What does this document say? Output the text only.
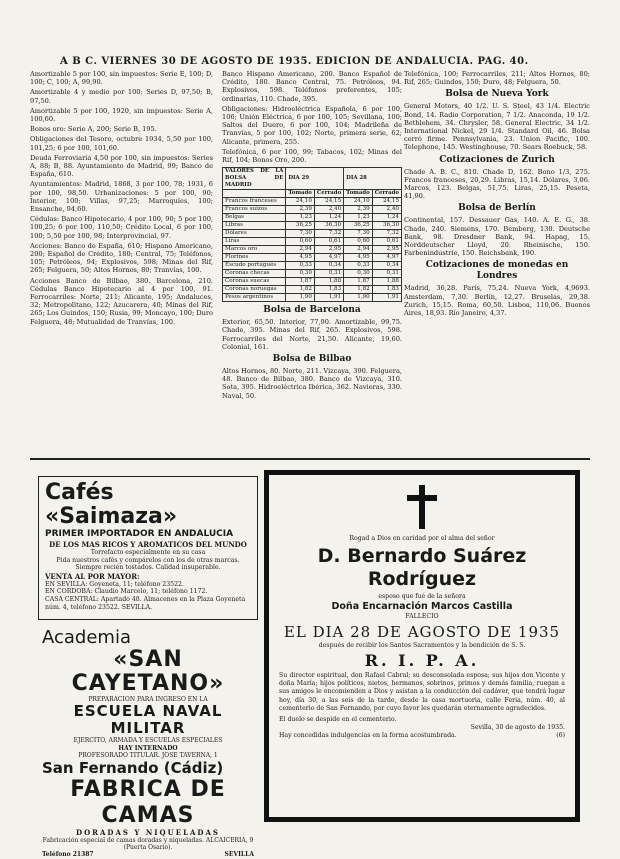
A B C. VIERNES 30 DE AGOSTO DE 1935. EDICION DE ANDALUCIA. PAG. 40.

Amortizable 5 por 100, sin impuestos: Serie E, 100; D, 100; C, 100; A, 99,90.

Amortizable 4 y medio por 100: Series D, 97,50; B, 97,50.

Amortizable 5 por 100, 1920, sin impuestos: Serie A, 100,60.

Bonos oro: Serie A, 200; Serie B, 195.

Obligaciones del Tesoro, octubre 1934, 5,50 por 100, 101,25; 6 por 100, 101,60.

Deuda Ferroviaria 4,50 por 100, sin impuestos: Series A, 88; B, 88. Ayuntamiento de Madrid, 99; Banco de España, 610.

Ayuntamientos: Madrid, 1868, 3 por 100, 78; 1931, 6 por 100, 98,50. Urbanizaciones: 5 por 100, 90; Interior, 100; Villas, 97,25; Marroquíes, 100; Ensanche, 94,60.

Cédulas: Banco Hipotecario, 4 por 100, 90; 5 por 100, 100,25; 6 por 100, 110,50; Crédito Local, 6 por 100, 100; 5,50 por 100, 98; Interprovincial, 97.

Acciones: Banco de España, 610; Hispano Americano, 200; Español de Crédito, 180; Central, 75; Teléfonos, 105; Petróleos, 94; Explosivos, 598; Minas del Rif, 265; Felguera, 50; Altos Hornos, 80; Tranvías, 100.

Acciones Banco de Bilbao, 380. Barcelona, 210. Cédulas Banco Hipotecario al 4 por 100, 91. Ferrocarriles: Norte, 211; Alicante, 195; Andaluces, 32; Metropolitano, 122; Azucarera, 40; Minas del Rif, 265; Los Guindos, 150; Rusia, 99; Moncayo, 100; Duro Felguera, 48; Mutualidad de Tranvías, 100.

Banco Hispano Americano, 200. Banco Español de Crédito, 180. Banco Central, 75. Petróleos, 94. Explosivos, 598. Teléfonos preferentes, 105; ordinarias, 110. Chade, 395.

Obligaciones: Hidroeléctrica Española, 6 por 100, 106; Unión Eléctrica, 6 por 100, 105; Sevillana, 100; Saltos del Duero, 6 por 100, 104; Madrileña de Tranvías, 5 por 100, 102; Norte, primera serie, 62; Alicante, primera, 255.

Telefónica, 6 por 100, 99; Tabacos, 102; Minas del Rif, 104; Bonos Oro, 200.

VALORES DE LA BOLSA DE MADRID	DIA 29		DIA 28	
	Tomado	Cerrado	Tomado	Cerrado
Francos franceses	24,10	24,15	24,10	24,15
Francos suizos	2,39	2,40	2,39	2,40
Belgas	1,23	1,24	1,23	1,24
Libras	36,25	36,30	36,25	36,30
Dólares	7,30	7,32	7,30	7,32
Liras	0,60	0,61	0,60	0,61
Marcos oro	2,94	2,95	2,94	2,95
Florines	4,95	4,97	4,95	4,97
Escudo portugués	0,33	0,34	0,33	0,34
Coronas checas	0,30	0,31	0,30	0,31
Coronas suecas	1,87	1,88	1,87	1,88
Coronas noruegas	1,82	1,83	1,82	1,83
Pesos argentinos	1,90	1,91	1,90	1,91
Bolsa de Barcelona

Exterior, 65,50. Interior, 77,90. Amortizable, 99,75. Chade, 395. Minas del Rif, 265. Explosivos, 598. Ferrocarriles del Norte, 21,50. Alicante, 19,60. Colonial, 161.

Bolsa de Bilbao

Altos Hornos, 80. Norte, 211. Vizcaya, 390. Felguera, 48. Banco de Bilbao, 380. Banco de Vizcaya, 310. Sota, 395. Hidroeléctrica Ibérica, 362. Navieras, 330. Naval, 50.

Telefónica, 100; Ferrocarriles, 211; Altos Hornos, 80; Rif, 265; Guindos, 150; Duro, 48; Felguera, 50.

Bolsa de Nueva York

General Motors, 40 1/2. U. S. Steel, 43 1/4. Electric Bond, 14. Radio Corporation, 7 1/2. Anaconda, 19 1/2. Bethlehem, 34. Chrysler, 58. General Electric, 34 1/2. International Nickel, 29 1/4. Standard Oil, 46. Bolsa cerró firme. Pennsylvania, 23. Union Pacific, 100. Telephone, 145. Westinghouse, 70. Sears Roebuck, 58.

Cotizaciones de Zurich

Chade A. B. C., 810. Chade D, 162. Bono 1/3, 275. Francos franceses, 20,29. Libras, 15,14. Dólares, 3,06. Marcos, 123. Belgas, 51,75. Liras, 25,15. Peseta, 41,90.

Bolsa de Berlín

Continental, 157. Dessauer Gas, 140. A. E. G., 38. Chade, 240. Siemens, 170. Bemberg, 130. Deutsche Bank, 98. Dresdner Bank, 94. Hapag, 15. Norddeutscher Lloyd, 20. Rheinische, 150. Farbenindustrie, 150. Reichsbank, 190.

Cotizaciones de monedas en Londres

Madrid, 36,28. París, 75,24. Nueva York, 4,9693. Amsterdam, 7,30. Berlín, 12,27. Bruselas, 29,38. Zurich, 15,15. Roma, 60,50. Lisboa, 110,06. Buenos Aires, 18,93. Río Janeiro, 4,37.

Cafés «Saimaza»
PRIMER IMPORTADOR EN ANDALUCIA
DE LOS MAS RICOS Y AROMATICOS DEL MUNDO
Torrefacto especialmente en su casa
Pida nuestros cafés y compárelos con los de otras marcas. Siempre recién tostados. Calidad insuperable.
VENTA AL POR MAYOR:
EN SEVILLA: Goyeneta, 11; teléfono 23522.
EN CORDOBA: Claudio Marcelo, 11; teléfono 1172.
CASA CENTRAL: Apartado 48. Almacenes en la Plaza Goyeneta núm. 4, teléfono 23522. SEVILLA.
Academia
«SAN CAYETANO»
PREPARACION PARA INGRESO EN LA
ESCUELA NAVAL MILITAR
EJERCITO, ARMADA Y ESCUELAS ESPECIALES
HAY INTERNADO
PROFESORADO TITULAR. JOSE TAVERNA, 1
San Fernando (Cádiz)
FABRICA DE CAMAS
DORADAS Y NIQUELADAS
Fabricación especial de camas doradas y niqueladas. ALCAICERIA, 9 (Puerta Osario).
Teléfono 21387	SEVILLA
Rogad a Dios en caridad por el alma del señor
D. Bernardo Suárez Rodríguez
esposo que fué de la señora
Doña Encarnación Marcos Castilla
FALLECIO
EL DIA 28 DE AGOSTO DE 1935
después de recibir los Santos Sacramentos y la bendición de S. S.
R. I. P. A.
Su director espiritual, don Rafael Cabral; su desconsolada esposa; sus hijos don Vicente y doña María; hijos políticos, nietos, hermanos, sobrinos, primos y demás familia, ruegan a sus amigos le encomienden a Dios y asistan a la conducción del cadáver, que tendrá lugar hoy, día 30, a las seis de la tarde, desde la casa mortuoria, calle Feria, núm. 40, al cementerio de San Fernando, por cuyo favor les quedarán eternamente agradecidos.
El duelo se despide en el cementerio.
Sevilla, 30 de agosto de 1935.
Hay concedidas indulgencias en la forma acostumbrada.	(6)
